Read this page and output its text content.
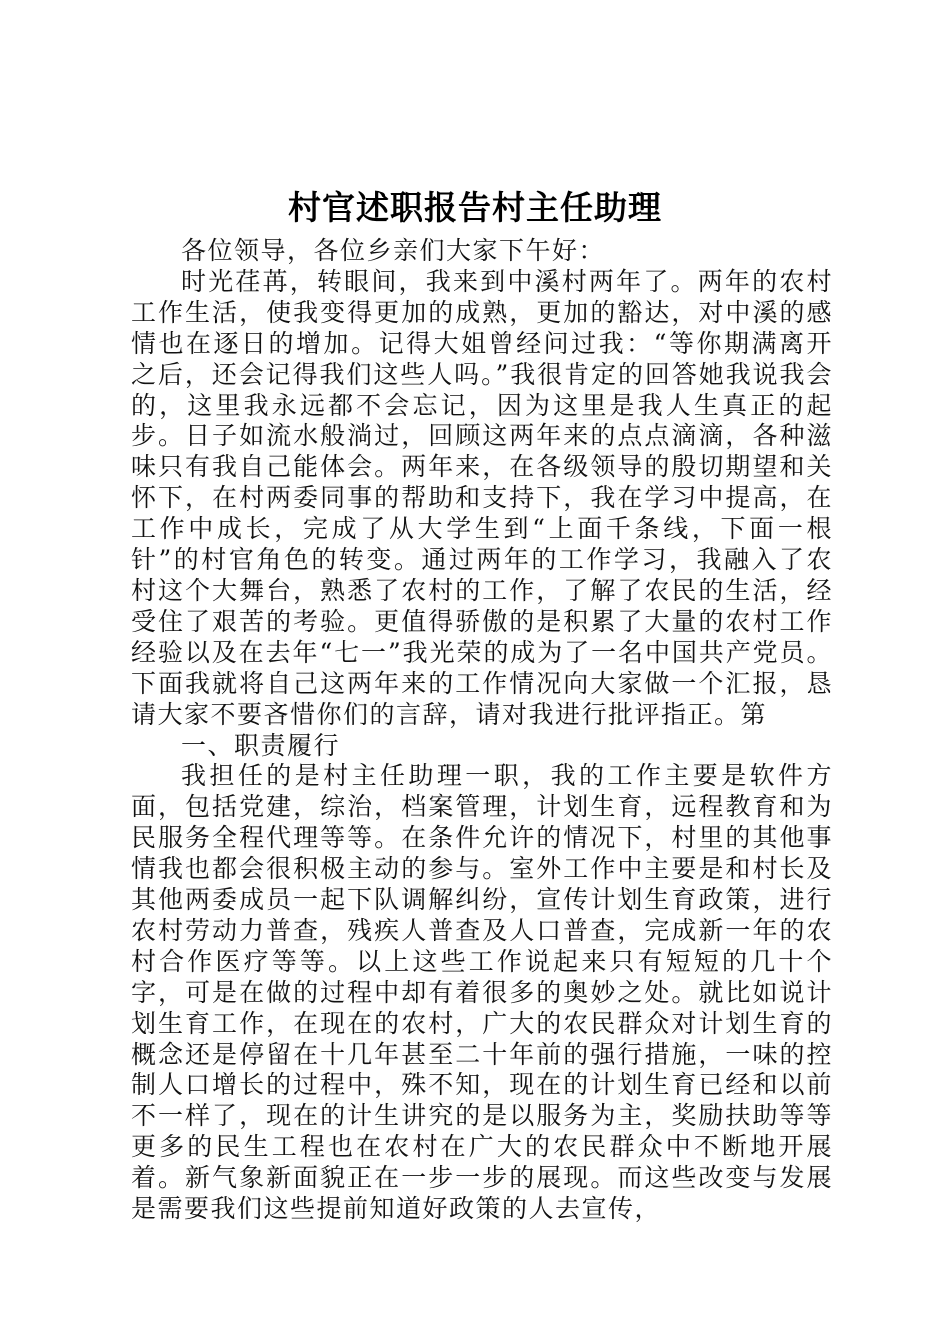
村官述职报告村主任助理

各位领导，各位乡亲们大家下午好：

时光荏苒，转眼间，我来到中溪村两年了。两年的农村工作生活，使我变得更加的成熟，更加的豁达，对中溪的感情也在逐日的增加。记得大姐曾经问过我：“等你期满离开之后，还会记得我们这些人吗。”我很肯定的回答她我说我会的，这里我永远都不会忘记，因为这里是我人生真正的起步。日子如流水般淌过，回顾这两年来的点点滴滴，各种滋味只有我自己能体会。两年来，在各级领导的殷切期望和关怀下，在村两委同事的帮助和支持下，我在学习中提高，在工作中成长，完成了从大学生到“上面千条线，下面一根针”的村官角色的转变。通过两年的工作学习，我融入了农村这个大舞台，熟悉了农村的工作，了解了农民的生活，经受住了艰苦的考验。更值得骄傲的是积累了大量的农村工作经验以及在去年“七一”我光荣的成为了一名中国共产党员。下面我就将自己这两年来的工作情况向大家做一个汇报，恳请大家不要吝惜你们的言辞，请对我进行批评指正。第

一、职责履行

我担任的是村主任助理一职，我的工作主要是软件方面，包括党建，综治，档案管理，计划生育，远程教育和为民服务全程代理等等。在条件允许的情况下，村里的其他事情我也都会很积极主动的参与。室外工作中主要是和村长及其他两委成员一起下队调解纠纷，宣传计划生育政策，进行农村劳动力普查，残疾人普查及人口普查，完成新一年的农村合作医疗等等。以上这些工作说起来只有短短的几十个字，可是在做的过程中却有着很多的奥妙之处。就比如说计划生育工作，在现在的农村，广大的农民群众对计划生育的概念还是停留在十几年甚至二十年前的强行措施，一味的控制人口增长的过程中，殊不知，现在的计划生育已经和以前不一样了，现在的计生讲究的是以服务为主，奖励扶助等等更多的民生工程也在农村在广大的农民群众中不断地开展着。新气象新面貌正在一步一步的展现。而这些改变与发展是需要我们这些提前知道好政策的人去宣传，
